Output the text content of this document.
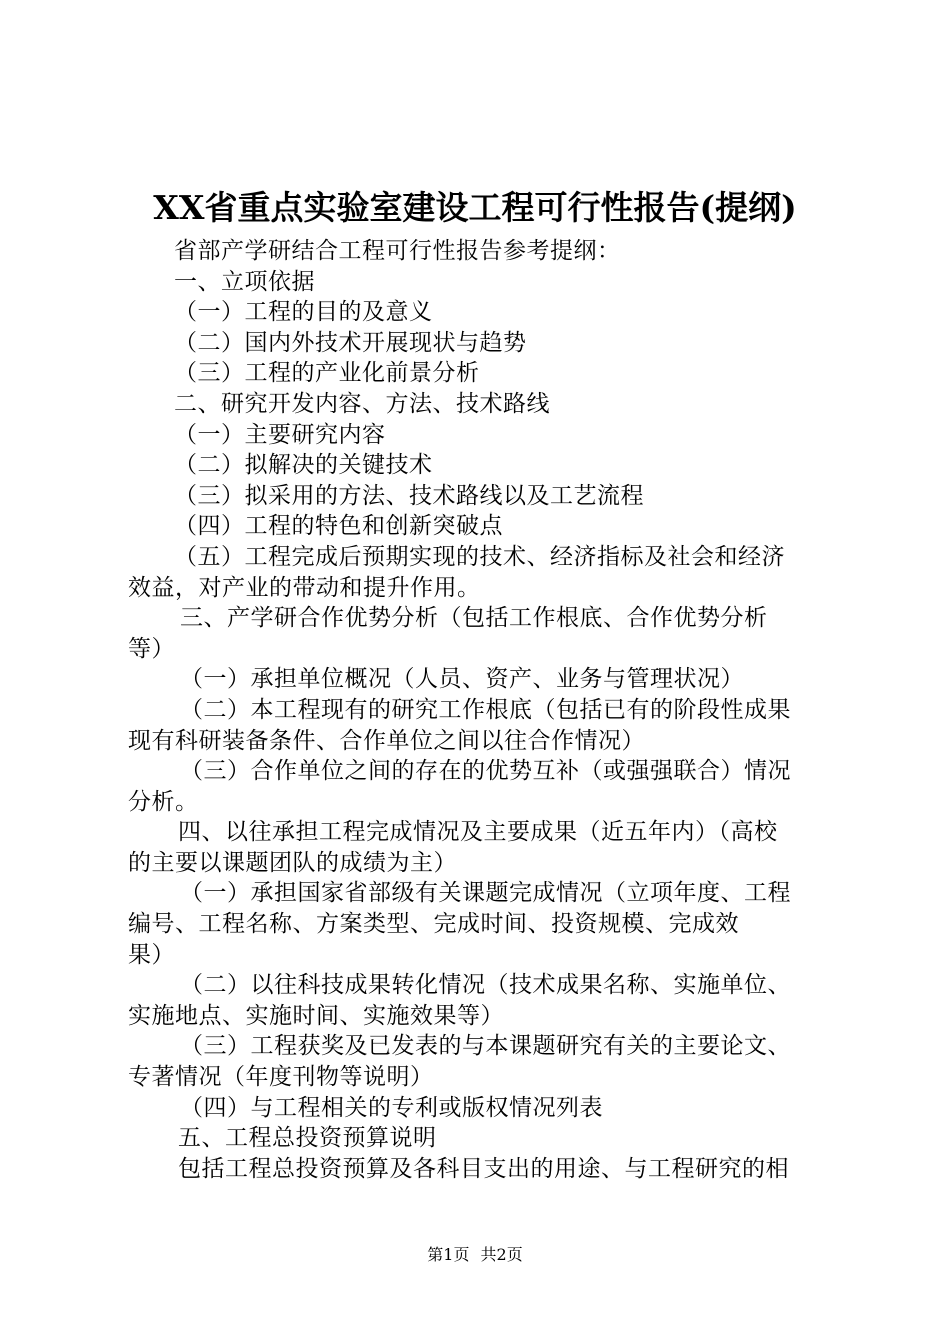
XX省重点实验室建设工程可行性报告(提纲)
省部产学研结合工程可行性报告参考提纲：
一、立项依据
（一）工程的目的及意义
（二）国内外技术开展现状与趋势
（三）工程的产业化前景分析
二、研究开发内容、方法、技术路线
（一）主要研究内容
（二）拟解决的关键技术
（三）拟采用的方法、技术路线以及工艺流程
（四）工程的特色和创新突破点
（五）工程完成后预期实现的技术、经济指标及社会和经济
效益，对产业的带动和提升作用。
三、产学研合作优势分析（包括工作根底、合作优势分析
等）
（一）承担单位概况（人员、资产、业务与管理状况）
（二）本工程现有的研究工作根底（包括已有的阶段性成果
现有科研装备条件、合作单位之间以往合作情况）
（三）合作单位之间的存在的优势互补（或强强联合）情况
分析。
四、以往承担工程完成情况及主要成果（近五年内）（高校
的主要以课题团队的成绩为主）
（一）承担国家省部级有关课题完成情况（立项年度、工程
编号、工程名称、方案类型、完成时间、投资规模、完成效
果）
（二）以往科技成果转化情况（技术成果名称、实施单位、
实施地点、实施时间、实施效果等）
（三）工程获奖及已发表的与本课题研究有关的主要论文、
专著情况（年度刊物等说明）
（四）与工程相关的专利或版权情况列表
五、工程总投资预算说明
包括工程总投资预算及各科目支出的用途、与工程研究的相
第1页 共2页
